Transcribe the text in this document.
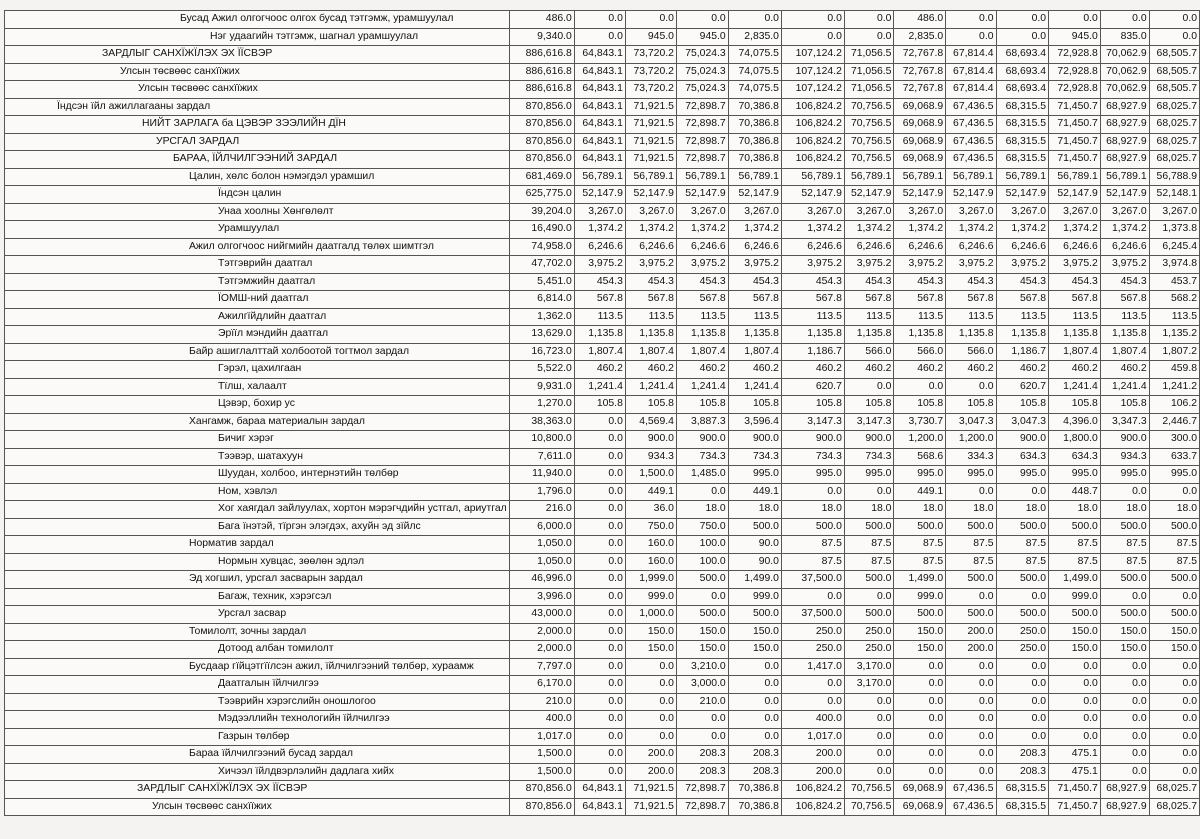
Бусад Ажил олгогчоос олгох бусад тэтгэмж, урамшуулал	486.0	0.0	0.0	0.0	0.0	0.0	0.0	486.0	0.0	0.0	0.0	0.0	0.0
Нэг удаагийн тэтгэмж, шагнал урамшуулал	9,340.0	0.0	945.0	945.0	2,835.0	0.0	0.0	2,835.0	0.0	0.0	945.0	835.0	0.0
ЗАРДЛЫГ САНХЇЖЇЛЭХ ЭХ ЇЇСВЭР	886,616.8	64,843.1	73,720.2	75,024.3	74,075.5	107,124.2	71,056.5	72,767.8	67,814.4	68,693.4	72,928.8	70,062.9	68,505.7
Улсын төсвөөс санхїїжих	886,616.8	64,843.1	73,720.2	75,024.3	74,075.5	107,124.2	71,056.5	72,767.8	67,814.4	68,693.4	72,928.8	70,062.9	68,505.7
Улсын төсвөөс санхїїжих	886,616.8	64,843.1	73,720.2	75,024.3	74,075.5	107,124.2	71,056.5	72,767.8	67,814.4	68,693.4	72,928.8	70,062.9	68,505.7
Їндсэн їйл ажиллагааны зардал	870,856.0	64,843.1	71,921.5	72,898.7	70,386.8	106,824.2	70,756.5	69,068.9	67,436.5	68,315.5	71,450.7	68,927.9	68,025.7
НИЙТ ЗАРЛАГА ба ЦЭВЭР ЗЭЭЛИЙН ДЇН	870,856.0	64,843.1	71,921.5	72,898.7	70,386.8	106,824.2	70,756.5	69,068.9	67,436.5	68,315.5	71,450.7	68,927.9	68,025.7
УРСГАЛ ЗАРДАЛ	870,856.0	64,843.1	71,921.5	72,898.7	70,386.8	106,824.2	70,756.5	69,068.9	67,436.5	68,315.5	71,450.7	68,927.9	68,025.7
БАРАА, ЇЙЛЧИЛГЭЭНИЙ ЗАРДАЛ	870,856.0	64,843.1	71,921.5	72,898.7	70,386.8	106,824.2	70,756.5	69,068.9	67,436.5	68,315.5	71,450.7	68,927.9	68,025.7
Цалин, хөлс болон нэмэгдэл урамшил	681,469.0	56,789.1	56,789.1	56,789.1	56,789.1	56,789.1	56,789.1	56,789.1	56,789.1	56,789.1	56,789.1	56,789.1	56,788.9
Їндсэн цалин	625,775.0	52,147.9	52,147.9	52,147.9	52,147.9	52,147.9	52,147.9	52,147.9	52,147.9	52,147.9	52,147.9	52,147.9	52,148.1
Унаа хоолны Хөнгөлөлт	39,204.0	3,267.0	3,267.0	3,267.0	3,267.0	3,267.0	3,267.0	3,267.0	3,267.0	3,267.0	3,267.0	3,267.0	3,267.0
Урамшуулал	16,490.0	1,374.2	1,374.2	1,374.2	1,374.2	1,374.2	1,374.2	1,374.2	1,374.2	1,374.2	1,374.2	1,374.2	1,373.8
Ажил олгогчоос нийгмийн даатгалд төлөх шимтгэл	74,958.0	6,246.6	6,246.6	6,246.6	6,246.6	6,246.6	6,246.6	6,246.6	6,246.6	6,246.6	6,246.6	6,246.6	6,245.4
Тэтгэврийн даатгал	47,702.0	3,975.2	3,975.2	3,975.2	3,975.2	3,975.2	3,975.2	3,975.2	3,975.2	3,975.2	3,975.2	3,975.2	3,974.8
Тэтгэмжийн даатгал	5,451.0	454.3	454.3	454.3	454.3	454.3	454.3	454.3	454.3	454.3	454.3	454.3	453.7
ЇОМШ-ний даатгал	6,814.0	567.8	567.8	567.8	567.8	567.8	567.8	567.8	567.8	567.8	567.8	567.8	568.2
Ажилгїйдлийн даатгал	1,362.0	113.5	113.5	113.5	113.5	113.5	113.5	113.5	113.5	113.5	113.5	113.5	113.5
Эрїїл мэндийн даатгал	13,629.0	1,135.8	1,135.8	1,135.8	1,135.8	1,135.8	1,135.8	1,135.8	1,135.8	1,135.8	1,135.8	1,135.8	1,135.2
Байр ашиглалттай холбоотой тогтмол зардал	16,723.0	1,807.4	1,807.4	1,807.4	1,807.4	1,186.7	566.0	566.0	566.0	1,186.7	1,807.4	1,807.4	1,807.2
Гэрэл, цахилгаан	5,522.0	460.2	460.2	460.2	460.2	460.2	460.2	460.2	460.2	460.2	460.2	460.2	459.8
Тїлш, халаалт	9,931.0	1,241.4	1,241.4	1,241.4	1,241.4	620.7	0.0	0.0	0.0	620.7	1,241.4	1,241.4	1,241.2
Цэвэр, бохир ус	1,270.0	105.8	105.8	105.8	105.8	105.8	105.8	105.8	105.8	105.8	105.8	105.8	106.2
Хангамж, бараа материалын зардал	38,363.0	0.0	4,569.4	3,887.3	3,596.4	3,147.3	3,147.3	3,730.7	3,047.3	3,047.3	4,396.0	3,347.3	2,446.7
Бичиг хэрэг	10,800.0	0.0	900.0	900.0	900.0	900.0	900.0	1,200.0	1,200.0	900.0	1,800.0	900.0	300.0
Тээвэр, шатахуун	7,611.0	0.0	934.3	734.3	734.3	734.3	734.3	568.6	334.3	634.3	634.3	934.3	633.7
Шуудан, холбоо, интернэтийн төлбөр	11,940.0	0.0	1,500.0	1,485.0	995.0	995.0	995.0	995.0	995.0	995.0	995.0	995.0	995.0
Ном, хэвлэл	1,796.0	0.0	449.1	0.0	449.1	0.0	0.0	449.1	0.0	0.0	448.7	0.0	0.0
Хог хаягдал зайлуулах, хортон мэрэгчдийн устгал, ариутгал	216.0	0.0	36.0	18.0	18.0	18.0	18.0	18.0	18.0	18.0	18.0	18.0	18.0
Бага їнэтэй, тїргэн элэгдэх, ахуйн эд зїйлс	6,000.0	0.0	750.0	750.0	500.0	500.0	500.0	500.0	500.0	500.0	500.0	500.0	500.0
Норматив зардал	1,050.0	0.0	160.0	100.0	90.0	87.5	87.5	87.5	87.5	87.5	87.5	87.5	87.5
Нормын хувцас, зөөлөн эдлэл	1,050.0	0.0	160.0	100.0	90.0	87.5	87.5	87.5	87.5	87.5	87.5	87.5	87.5
Эд хогшил, урсгал засварын зардал	46,996.0	0.0	1,999.0	500.0	1,499.0	37,500.0	500.0	1,499.0	500.0	500.0	1,499.0	500.0	500.0
Багаж, техник, хэрэгсэл	3,996.0	0.0	999.0	0.0	999.0	0.0	0.0	999.0	0.0	0.0	999.0	0.0	0.0
Урсгал засвар	43,000.0	0.0	1,000.0	500.0	500.0	37,500.0	500.0	500.0	500.0	500.0	500.0	500.0	500.0
Томилолт, зочны зардал	2,000.0	0.0	150.0	150.0	150.0	250.0	250.0	150.0	200.0	250.0	150.0	150.0	150.0
Дотоод албан томилолт	2,000.0	0.0	150.0	150.0	150.0	250.0	250.0	150.0	200.0	250.0	150.0	150.0	150.0
Бусдаар гїйцэтгїїлсэн ажил, їйлчилгээний төлбөр, хураамж	7,797.0	0.0	0.0	3,210.0	0.0	1,417.0	3,170.0	0.0	0.0	0.0	0.0	0.0	0.0
Даатгалын їйлчилгээ	6,170.0	0.0	0.0	3,000.0	0.0	0.0	3,170.0	0.0	0.0	0.0	0.0	0.0	0.0
Тээврийн хэрэгслийн оношлогоо	210.0	0.0	0.0	210.0	0.0	0.0	0.0	0.0	0.0	0.0	0.0	0.0	0.0
Мэдээллийн технологийн їйлчилгээ	400.0	0.0	0.0	0.0	0.0	400.0	0.0	0.0	0.0	0.0	0.0	0.0	0.0
Газрын төлбөр	1,017.0	0.0	0.0	0.0	0.0	1,017.0	0.0	0.0	0.0	0.0	0.0	0.0	0.0
Бараа їйлчилгээний бусад зардал	1,500.0	0.0	200.0	208.3	208.3	200.0	0.0	0.0	0.0	208.3	475.1	0.0	0.0
Хичээл їйлдвэрлэлийн дадлага хийх	1,500.0	0.0	200.0	208.3	208.3	200.0	0.0	0.0	0.0	208.3	475.1	0.0	0.0
ЗАРДЛЫГ САНХЇЖЇЛЭХ ЭХ ЇЇСВЭР	870,856.0	64,843.1	71,921.5	72,898.7	70,386.8	106,824.2	70,756.5	69,068.9	67,436.5	68,315.5	71,450.7	68,927.9	68,025.7
Улсын төсвөөс санхїїжих	870,856.0	64,843.1	71,921.5	72,898.7	70,386.8	106,824.2	70,756.5	69,068.9	67,436.5	68,315.5	71,450.7	68,927.9	68,025.7
